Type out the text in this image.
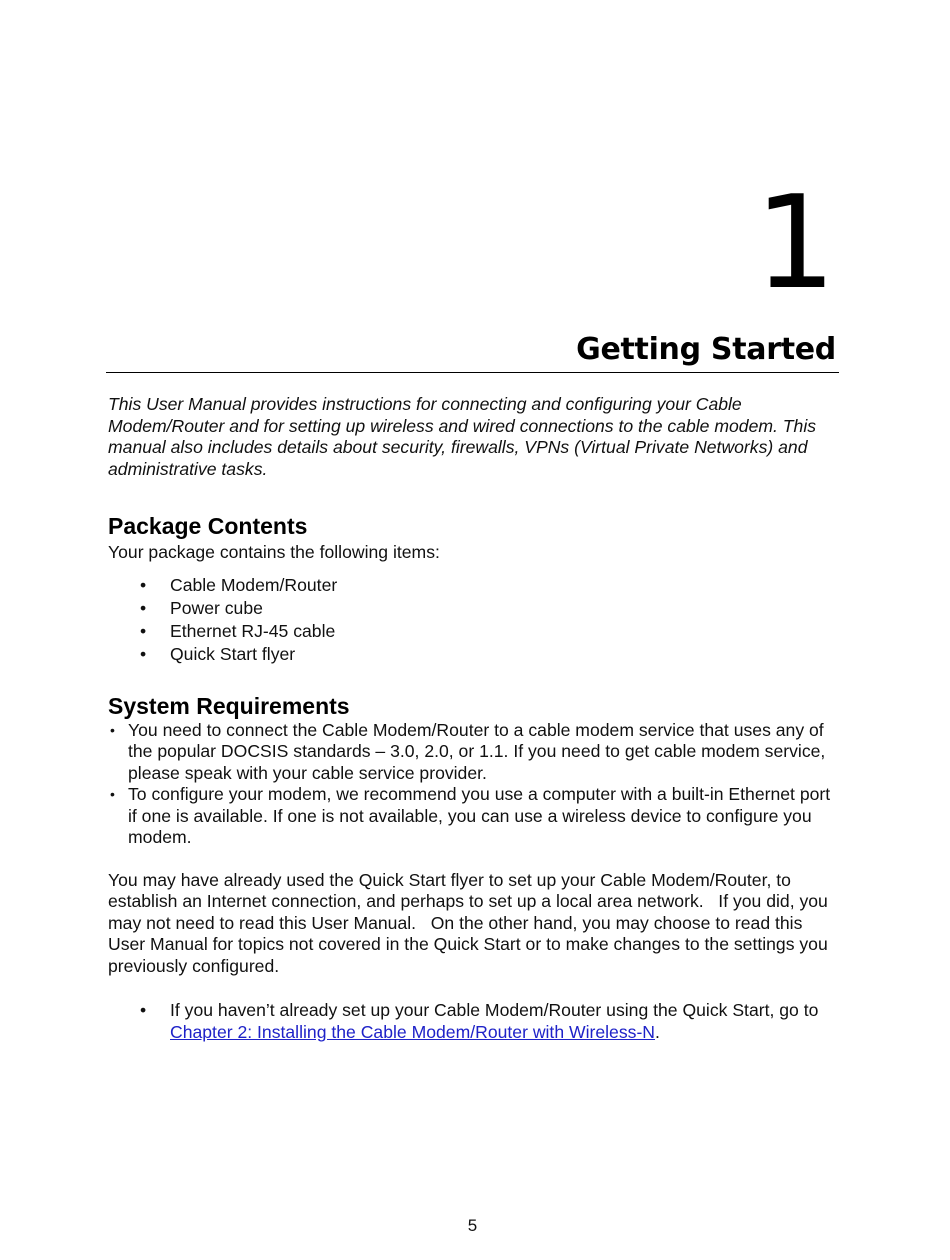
1
Getting Started

This User Manual provides instructions for connecting and configuring your Cable Modem/Router and for setting up wireless and wired connections to the cable modem. This manual also includes details about security, firewalls, VPNs (Virtual Private Networks) and administrative tasks.

Package Contents

Your package contains the following items:

• Cable Modem/Router
• Power cube
• Ethernet RJ-45 cable
• Quick Start flyer
System Requirements
• You need to connect the Cable Modem/Router to a cable modem service that uses any of the popular DOCSIS standards – 3.0, 2.0, or 1.1. If you need to get cable modem service, please speak with your cable service provider.
• To configure your modem, we recommend you use a computer with a built-in Ethernet port if one is available. If one is not available, you can use a wireless device to configure you modem.

You may have already used the Quick Start flyer to set up your Cable Modem/Router, to establish an Internet connection, and perhaps to set up a local area network.   If you did, you may not need to read this User Manual.   On the other hand, you may choose to read this User Manual for topics not covered in the Quick Start or to make changes to the settings you previously configured.

• If you haven’t already set up your Cable Modem/Router using the Quick Start, go to Chapter 2: Installing the Cable Modem/Router with Wireless-N.
5
